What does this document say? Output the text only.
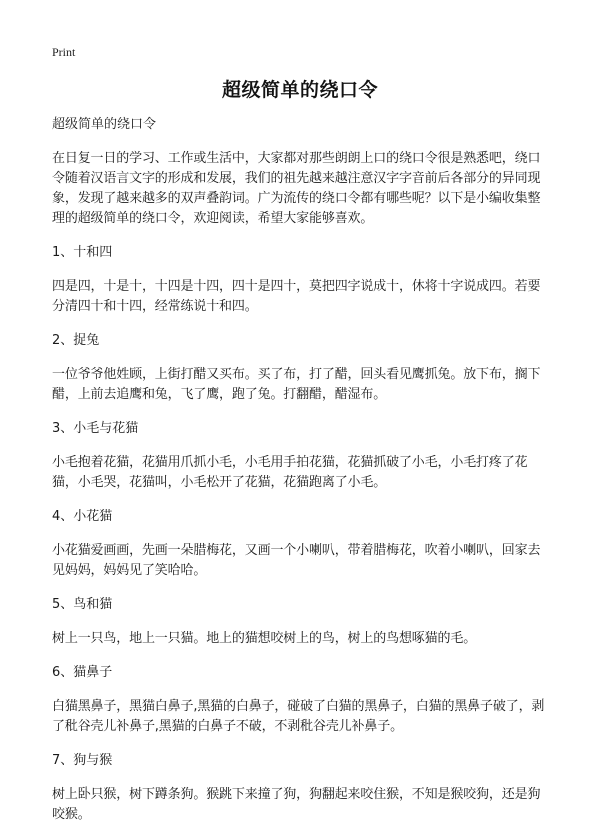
Print
超级简单的绕口令
超级简单的绕口令

在日复一日的学习、工作或生活中，大家都对那些朗朗上口的绕口令很是熟悉吧，绕口令随着汉语言文字的形成和发展，我们的祖先越来越注意汉字字音前后各部分的异同现象，发现了越来越多的双声叠韵词。广为流传的绕口令都有哪些呢？以下是小编收集整理的超级简单的绕口令，欢迎阅读，希望大家能够喜欢。

1、十和四

四是四，十是十，十四是十四，四十是四十，莫把四字说成十，休将十字说成四。若要分清四十和十四，经常练说十和四。

2、捉兔

一位爷爷他姓顾，上街打醋又买布。买了布，打了醋，回头看见鹰抓兔。放下布，搁下醋，上前去追鹰和兔，飞了鹰，跑了兔。打翻醋，醋湿布。

3、小毛与花猫

小毛抱着花猫，花猫用爪抓小毛，小毛用手拍花猫，花猫抓破了小毛，小毛打疼了花猫，小毛哭，花猫叫，小毛松开了花猫，花猫跑离了小毛。

4、小花猫

小花猫爱画画，先画一朵腊梅花，又画一个小喇叭，带着腊梅花，吹着小喇叭，回家去见妈妈，妈妈见了笑哈哈。

5、鸟和猫

树上一只鸟，地上一只猫。地上的猫想咬树上的鸟，树上的鸟想啄猫的毛。

6、猫鼻子

白猫黑鼻子，黑猫白鼻子,黑猫的白鼻子，碰破了白猫的黑鼻子，白猫的黑鼻子破了，剥了秕谷壳儿补鼻子,黑猫的白鼻子不破，不剥秕谷壳儿补鼻子。

7、狗与猴

树上卧只猴，树下蹲条狗。猴跳下来撞了狗，狗翻起来咬住猴，不知是猴咬狗，还是狗咬猴。
